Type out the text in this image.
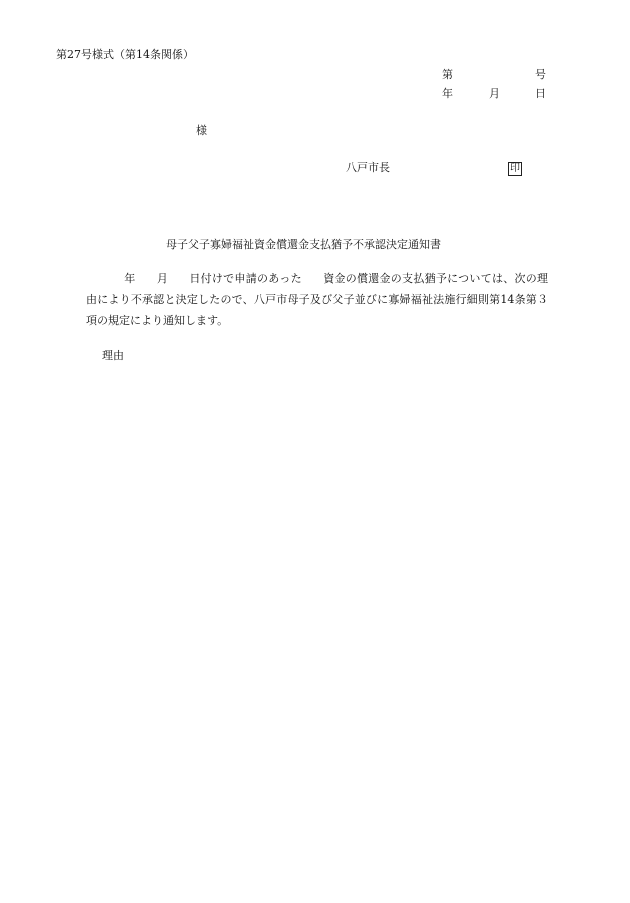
第27号様式（第14条関係）
第	号
年	月	日
様
八戸市長	印
母子父子寡婦福祉資金償還金支払猶予不承認決定通知書
年 月 日付けで申請のあった 資金の償還金の支払猶予については、次の理由により不承認と決定したので、八戸市母子及び父子並びに寡婦福祉法施行細則第14条第３項の規定により通知します。
理由
